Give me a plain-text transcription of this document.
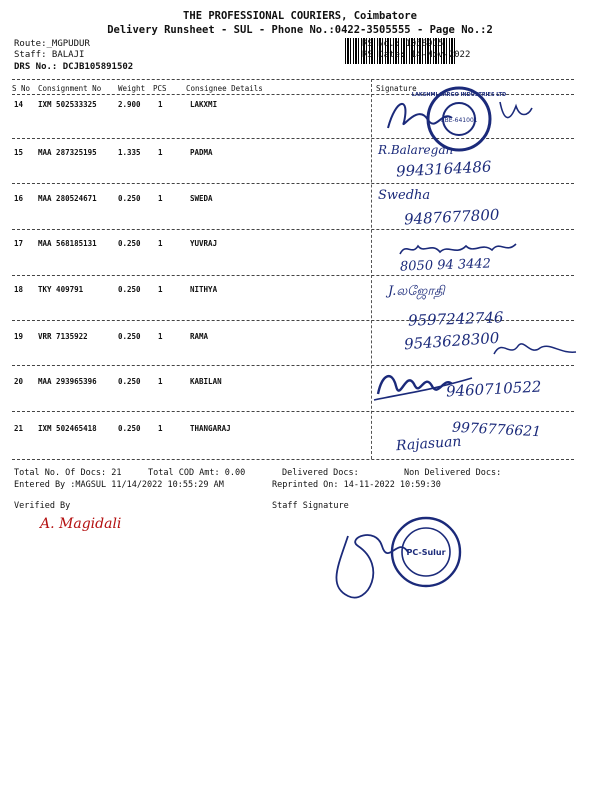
THE PROFESSIONAL COURIERS, Coimbatore
Delivery Runsheet - SUL - Phone No.:0422-3505555 - Page No.:2
Route:_MGPUDUR
Staff: BALAJI
DRS No.: DCJB105891502
RS No.: 1058915
RS Date: 14-Nov-2022
S No Consignment No Weight PCS	Consignee Details	Signature
14 IXM 502533325	2.900 1	LAKXMI
15 MAA 287325195	1.335 1	PADMA
16 MAA 280524671	0.250 1	SWEDA
17 MAA 568185131	0.250 1	YUVRAJ
18 TKY 409791	0.250 1	NITHYA
19 VRR 7135922	0.250 1	RAMA
20 MAA 293965396	0.250 1	KABILAN
21 IXM 502465418	0.250 1	THANGARAJ
CBE-641001
LAKSHMI CARGO INDUSTRIES LTD
R.Balaregan
9943164486
Swedha
9487677800
8050 94 3442
J.லஜோதி
9597242746
9543628300
9460710522
9976776621
Rajasuan
Total No. Of Docs: 21	Total COD Amt: 0.00	Delivered Docs:	Non Delivered Docs:
Entered By :MAGSUL 11/14/2022 10:55:29 AM	Reprinted On: 14-11-2022 10:59:30
Verified By
A. Magidali
Staff Signature
PC-Sulur
